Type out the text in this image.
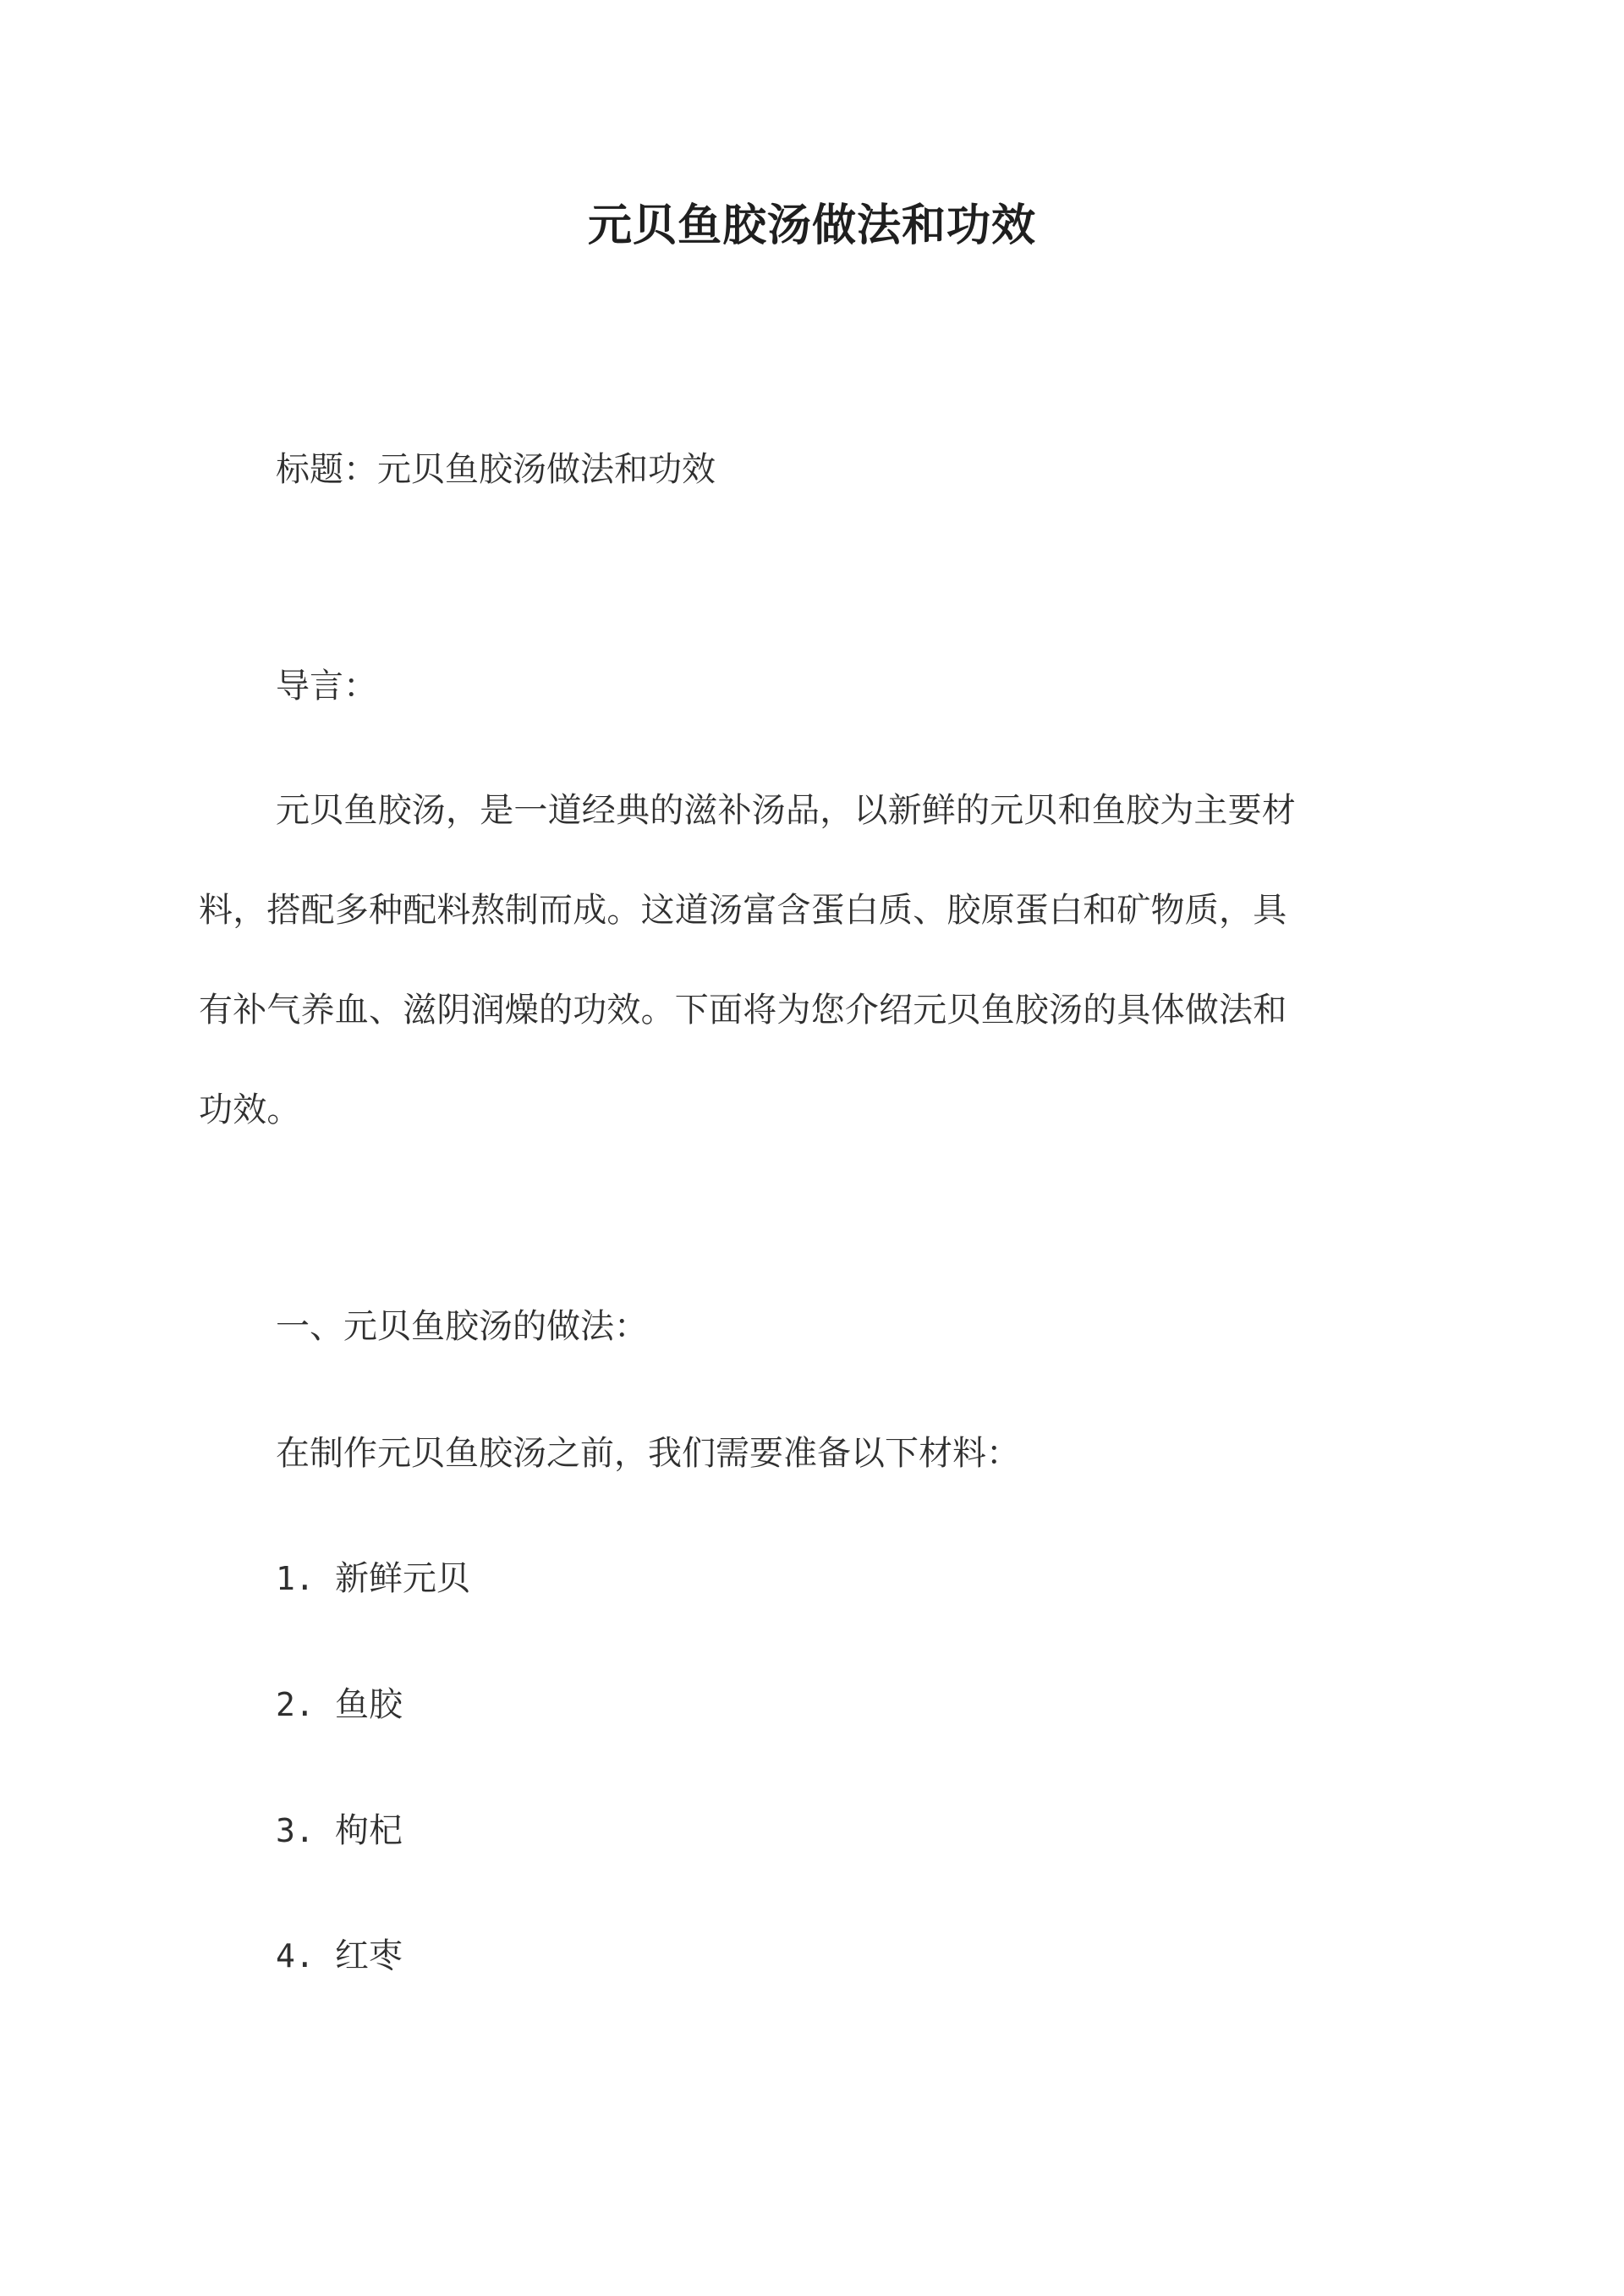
元贝鱼胶汤做法和功效
标题：元贝鱼胶汤做法和功效
导言：
元贝鱼胶汤，是一道经典的滋补汤品，以新鲜的元贝和鱼胶为主要材
料，搭配多种配料熬制而成。这道汤富含蛋白质、胶原蛋白和矿物质，具
有补气养血、滋阴润燥的功效。下面将为您介绍元贝鱼胶汤的具体做法和
功效。
一、元贝鱼胶汤的做法：
在制作元贝鱼胶汤之前，我们需要准备以下材料：
1. 新鲜元贝
2. 鱼胶
3. 枸杞
4. 红枣
